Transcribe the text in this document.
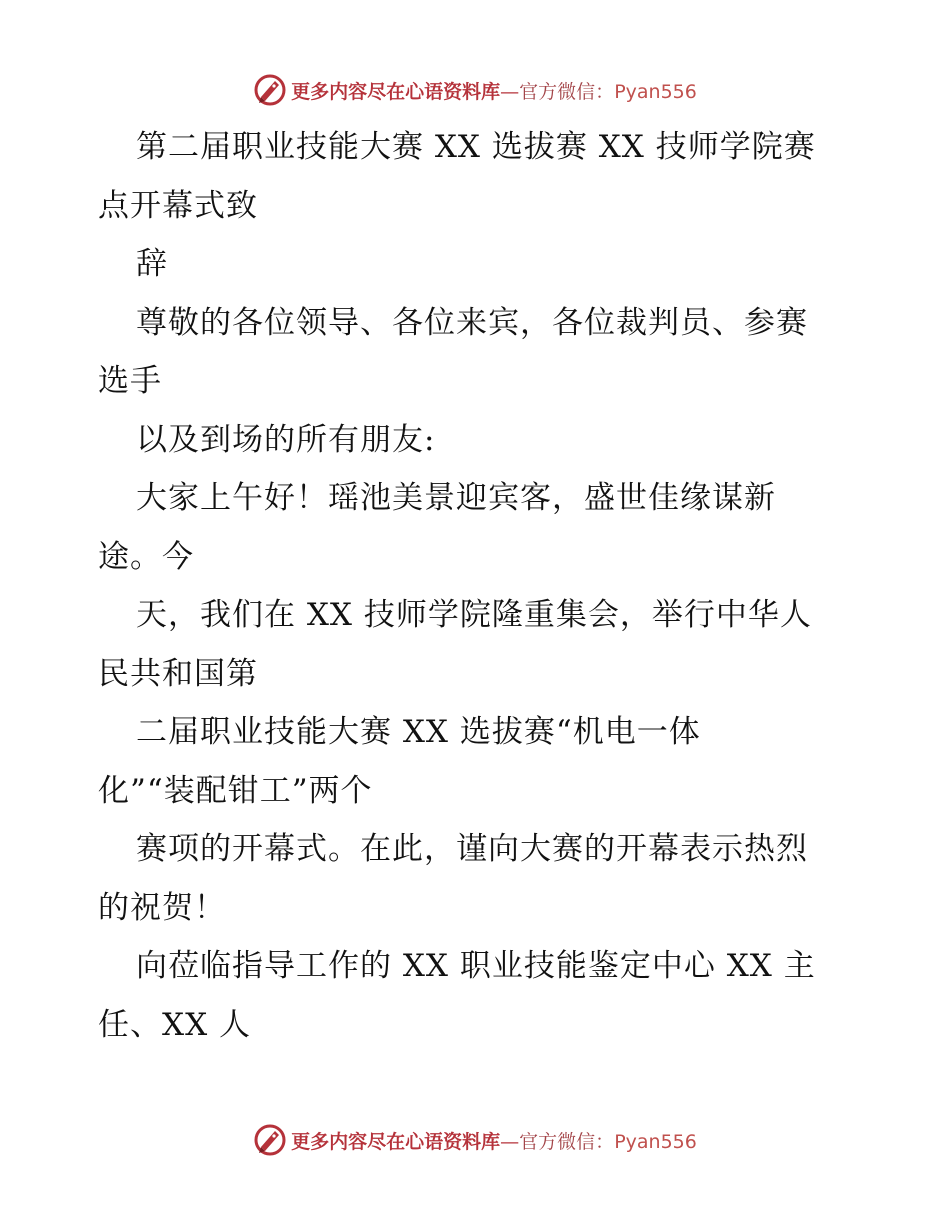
更多内容尽在心语资料库—官方微信：Pyan556
第二届职业技能大赛 XX 选拔赛 XX 技师学院赛
点开幕式致
辞
尊敬的各位领导、各位来宾，各位裁判员、参赛
选手
以及到场的所有朋友:
大家上午好！瑶池美景迎宾客，盛世佳缘谋新
途。今
天，我们在 XX 技师学院隆重集会，举行中华人
民共和国第
二届职业技能大赛 XX 选拔赛“机电一体
化”“装配钳工”两个
赛项的开幕式。在此，谨向大赛的开幕表示热烈
的祝贺！
向莅临指导工作的 XX 职业技能鉴定中心 XX 主
任、XX 人
更多内容尽在心语资料库—官方微信：Pyan556
